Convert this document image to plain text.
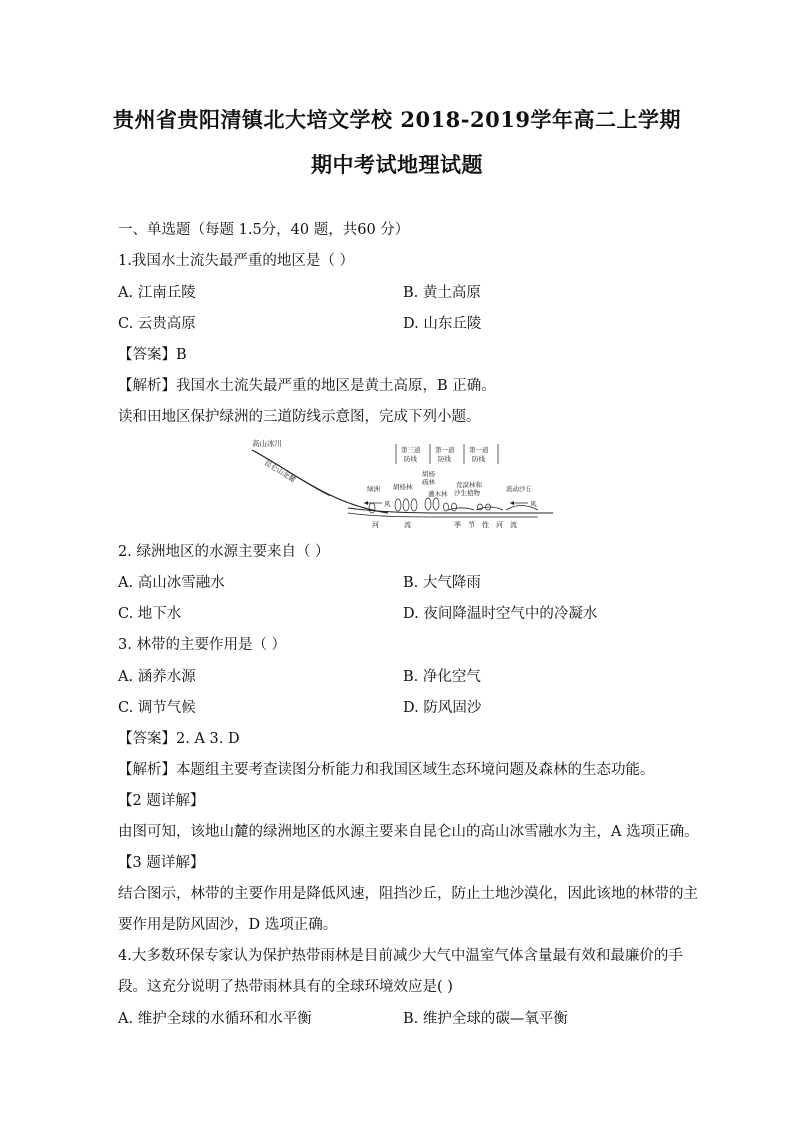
贵州省贵阳清镇北大培文学校 2018-2019学年高二上学期
期中考试地理试题
一、单选题（每题 1.5分，40 题，共60 分）
1.我国水土流失最严重的地区是（ ）
A. 江南丘陵	B. 黄土高原
C. 云贵高原	D. 山东丘陵
【答案】B
【解析】我国水土流失最严重的地区是黄土高原，B 正确。
读和田地区保护绿洲的三道防线示意图，完成下列小题。
高山冰川
昆仑山北麓
第三道
防线
第一道
防线
第一道
防线
绿洲 胡杨林
胡杨
疏林
灌木林
荒漠林和
沙生植物	流动沙丘
风	风
河	流	季 节 性 河 流
2. 绿洲地区的水源主要来自（ ）
A. 高山冰雪融水	B. 大气降雨
C. 地下水	D. 夜间降温时空气中的冷凝水
3. 林带的主要作用是（ ）
A. 涵养水源	B. 净化空气
C. 调节气候	D. 防风固沙
【答案】2. A 3. D
【解析】本题组主要考查读图分析能力和我国区域生态环境问题及森林的生态功能。
【2 题详解】
由图可知，该地山麓的绿洲地区的水源主要来自昆仑山的高山冰雪融水为主，A 选项正确。
【3 题详解】
结合图示，林带的主要作用是降低风速，阻挡沙丘，防止土地沙漠化，因此该地的林带的主
要作用是防风固沙，D 选项正确。
4.大多数环保专家认为保护热带雨林是目前减少大气中温室气体含量最有效和最廉价的手
段。这充分说明了热带雨林具有的全球环境效应是( )
A. 维护全球的水循环和水平衡	B. 维护全球的碳—氧平衡
